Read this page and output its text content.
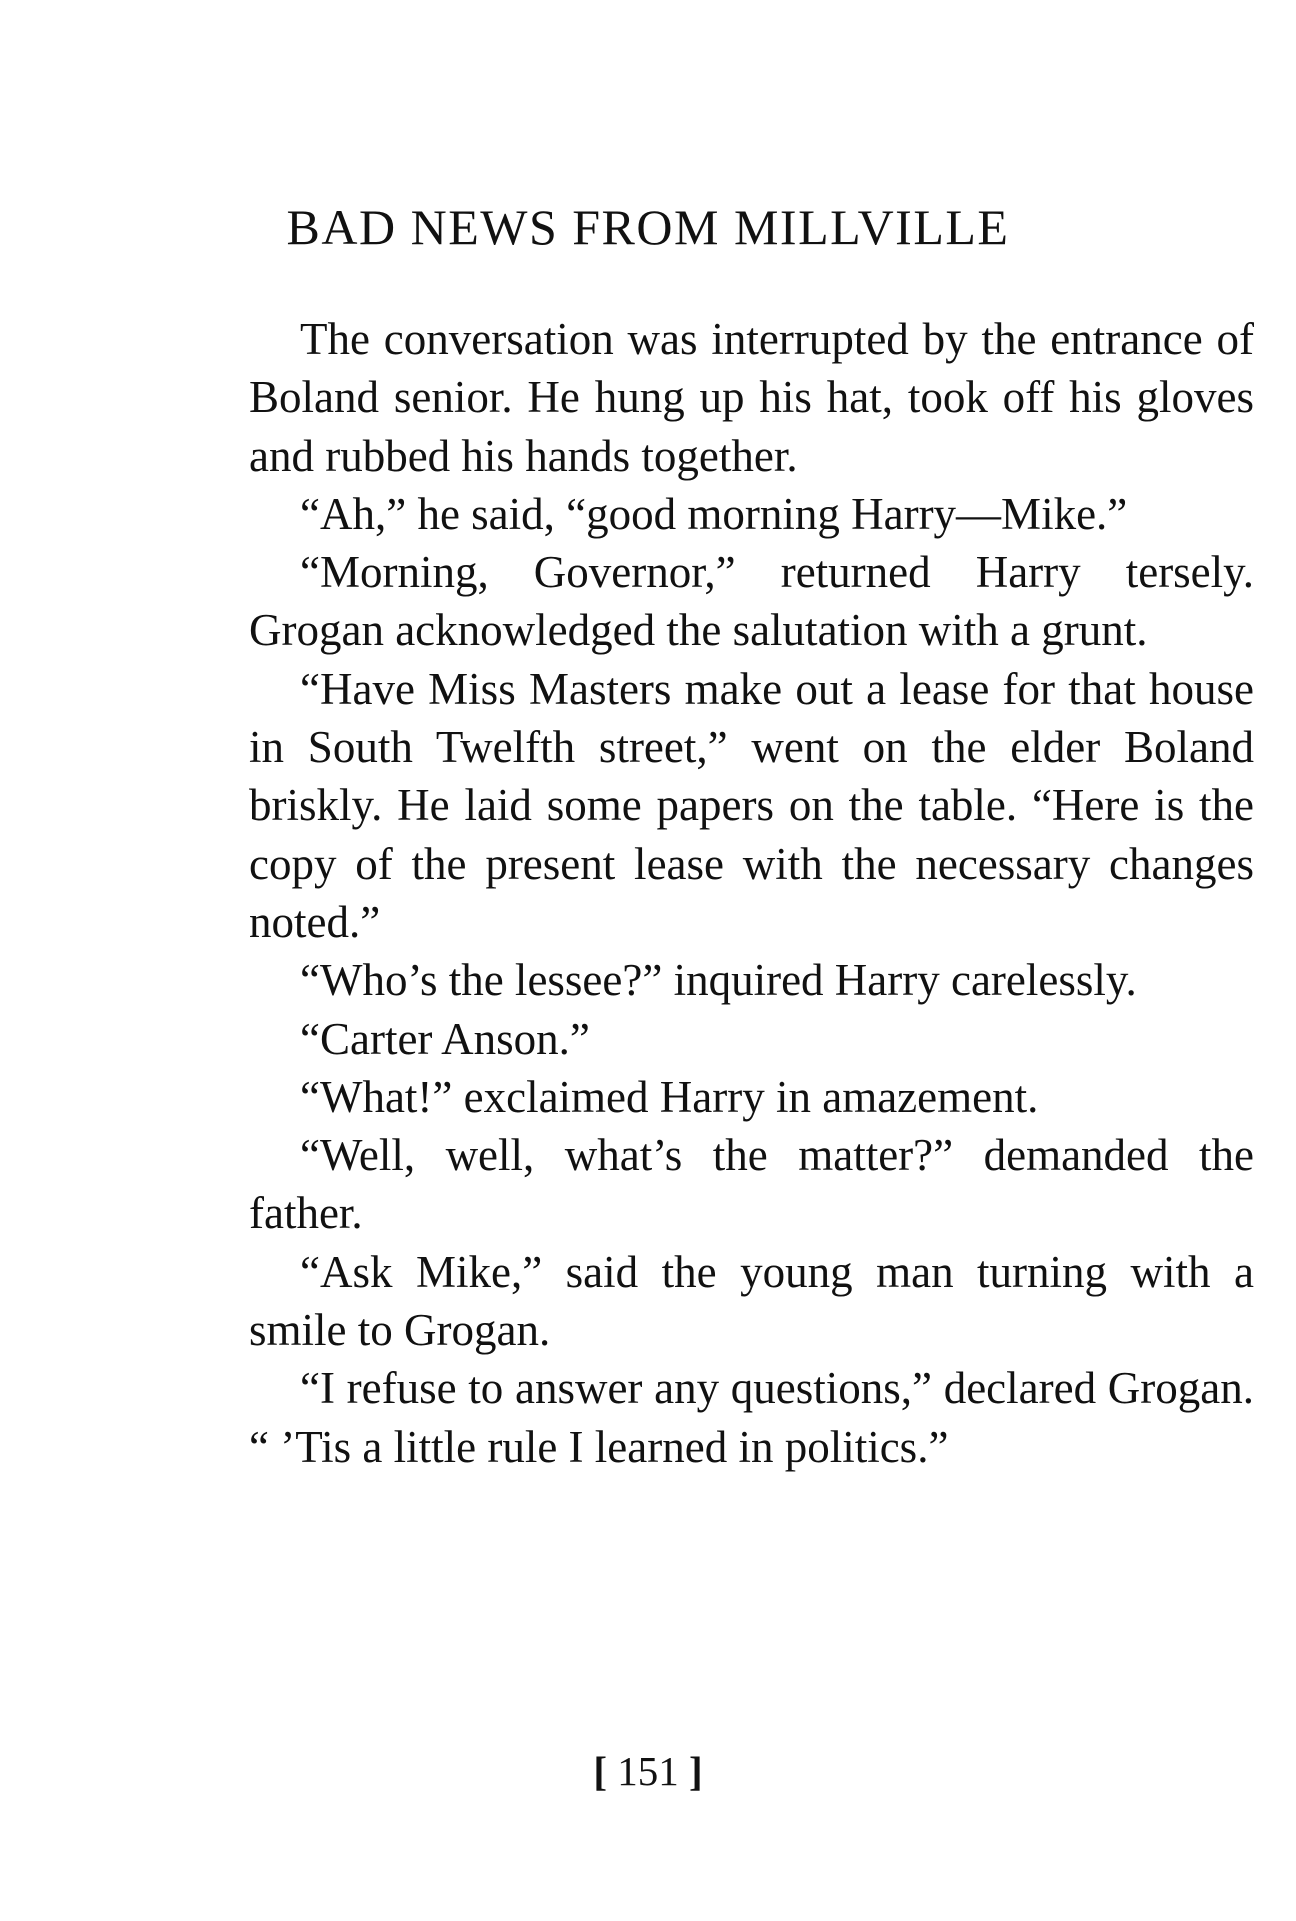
BAD NEWS FROM MILLVILLE

The conversation was interrupted by the entrance of Boland senior. He hung up his hat, took off his gloves and rubbed his hands together.

“Ah,” he said, “good morning Harry—Mike.”

“Morning, Governor,” returned Harry tersely. Grogan acknowledged the salutation with a grunt.

“Have Miss Masters make out a lease for that house in South Twelfth street,” went on the elder Boland briskly. He laid some papers on the table. “Here is the copy of the present lease with the necessary changes noted.”

“Who’s the lessee?” inquired Harry carelessly.

“Carter Anson.”

“What!” exclaimed Harry in amazement.

“Well, well, what’s the matter?” demanded the father.

“Ask Mike,” said the young man turning with a smile to Grogan.

“I refuse to answer any questions,” declared Grogan. “ ’Tis a little rule I learned in politics.”

[ 151 ]
